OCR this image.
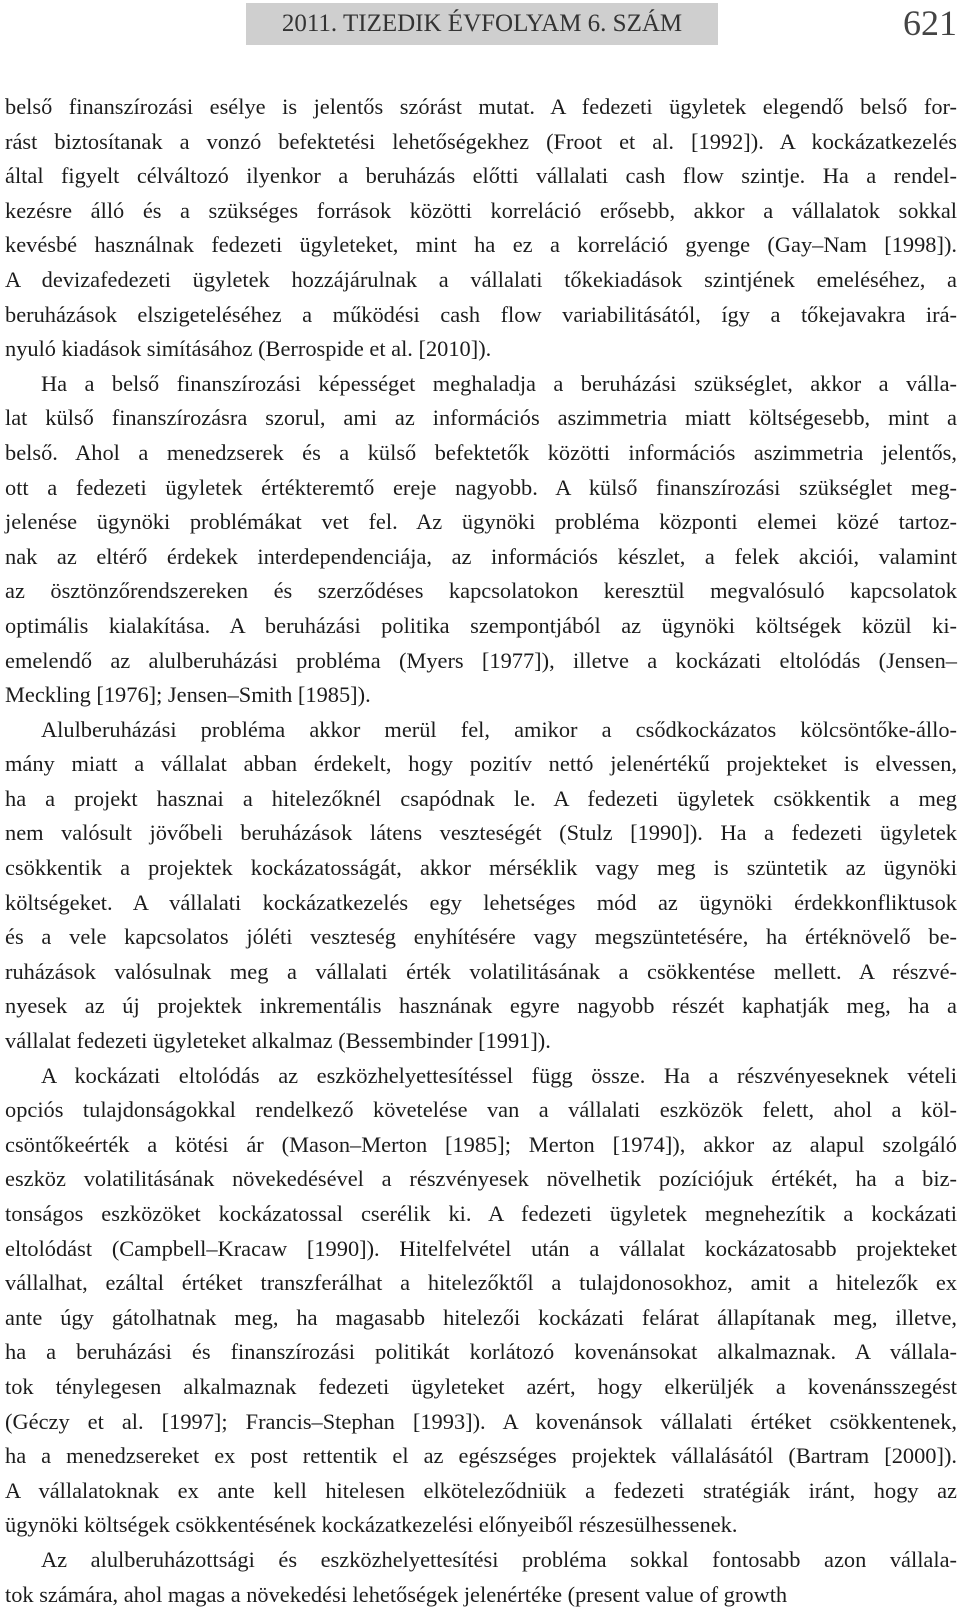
2011. TIZEDIK ÉVFOLYAM 6. SZÁM	621

belső finanszírozási esélye is jelentős szórást mutat. A fedezeti ügyletek elegendő belső for-
rást biztosítanak a vonzó befektetési lehetőségekhez (Froot et al. [1992]). A kockázatkezelés
által figyelt célváltozó ilyenkor a beruházás előtti vállalati cash flow szintje. Ha a rendel-
kezésre álló és a szükséges források közötti korreláció erősebb, akkor a vállalatok sokkal
kevésbé használnak fedezeti ügyleteket, mint ha ez a korreláció gyenge (Gay–Nam [1998]).
A devizafedezeti ügyletek hozzájárulnak a vállalati tőkekiadások szintjének emeléséhez, a
beruházások elszigeteléséhez a működési cash flow variabilitásától, így a tőkejavakra irá-
nyuló kiadások simításához (Berrospide et al. [2010]).

Ha a belső finanszírozási képességet meghaladja a beruházási szükséglet, akkor a válla-
lat külső finanszírozásra szorul, ami az információs aszimmetria miatt költségesebb, mint a
belső. Ahol a menedzserek és a külső befektetők közötti információs aszimmetria jelentős,
ott a fedezeti ügyletek értékteremtő ereje nagyobb. A külső finanszírozási szükséglet meg-
jelenése ügynöki problémákat vet fel. Az ügynöki probléma központi elemei közé tartoz-
nak az eltérő érdekek interdependenciája, az információs készlet, a felek akciói, valamint
az ösztönzőrendszereken és szerződéses kapcsolatokon keresztül megvalósuló kapcsolatok
optimális kialakítása. A beruházási politika szempontjából az ügynöki költségek közül ki-
emelendő az alulberuházási probléma (Myers [1977]), illetve a kockázati eltolódás (Jensen–
Meckling [1976]; Jensen–Smith [1985]).

Alulberuházási probléma akkor merül fel, amikor a csődkockázatos kölcsöntőke-állo-
mány miatt a vállalat abban érdekelt, hogy pozitív nettó jelenértékű projekteket is elvessen,
ha a projekt hasznai a hitelezőknél csapódnak le. A fedezeti ügyletek csökkentik a meg
nem valósult jövőbeli beruházások látens veszteségét (Stulz [1990]). Ha a fedezeti ügyletek
csökkentik a projektek kockázatosságát, akkor mérséklik vagy meg is szüntetik az ügynöki
költségeket. A vállalati kockázatkezelés egy lehetséges mód az ügynöki érdekkonfliktusok
és a vele kapcsolatos jóléti veszteség enyhítésére vagy megszüntetésére, ha értéknövelő be-
ruházások valósulnak meg a vállalati érték volatilitásának a csökkentése mellett. A részvé-
nyesek az új projektek inkrementális hasznának egyre nagyobb részét kaphatják meg, ha a
vállalat fedezeti ügyleteket alkalmaz (Bessembinder [1991]).

A kockázati eltolódás az eszközhelyettesítéssel függ össze. Ha a részvényeseknek vételi
opciós tulajdonságokkal rendelkező követelése van a vállalati eszközök felett, ahol a köl-
csöntőkeérték a kötési ár (Mason–Merton [1985]; Merton [1974]), akkor az alapul szolgáló
eszköz volatilitásának növekedésével a részvényesek növelhetik pozíciójuk értékét, ha a biz-
tonságos eszközöket kockázatossal cserélik ki. A fedezeti ügyletek megnehezítik a kockázati
eltolódást (Campbell–Kracaw [1990]). Hitelfelvétel után a vállalat kockázatosabb projekteket
vállalhat, ezáltal értéket transzferálhat a hitelezőktől a tulajdonosokhoz, amit a hitelezők ex
ante úgy gátolhatnak meg, ha magasabb hitelezői kockázati felárat állapítanak meg, illetve,
ha a beruházási és finanszírozási politikát korlátozó kovenánsokat alkalmaznak. A vállala-
tok ténylegesen alkalmaznak fedezeti ügyleteket azért, hogy elkerüljék a kovenánsszegést
(Géczy et al. [1997]; Francis–Stephan [1993]). A kovenánsok vállalati értéket csökkentenek,
ha a menedzsereket ex post rettentik el az egészséges projektek vállalásától (Bartram [2000]).
A vállalatoknak ex ante kell hitelesen elköteleződniük a fedezeti stratégiák iránt, hogy az
ügynöki költségek csökkentésének kockázatkezelési előnyeiből részesülhessenek.

Az alulberuházottsági és eszközhelyettesítési probléma sokkal fontosabb azon vállala-
tok számára, ahol magas a növekedési lehetőségek jelenértéke (present value of growth
